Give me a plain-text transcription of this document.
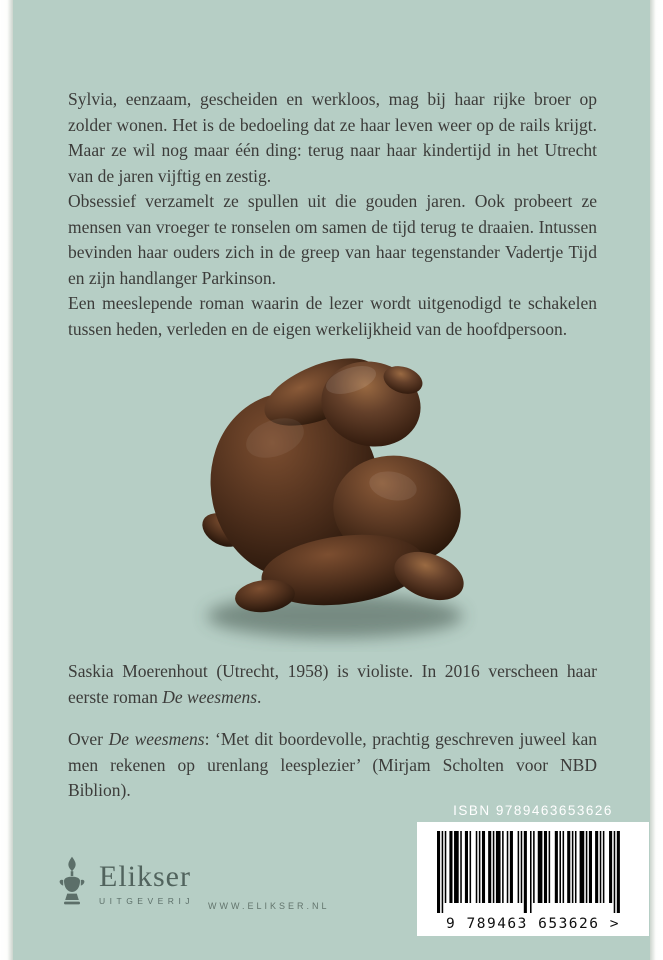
Sylvia, eenzaam, gescheiden en werkloos, mag bij haar rijke broer op zolder wonen. Het is de bedoeling dat ze haar leven weer op de rails krijgt. Maar ze wil nog maar één ding: terug naar haar kindertijd in het Utrecht van de jaren vijftig en zestig.

Obsessief verzamelt ze spullen uit die gouden jaren. Ook probeert ze mensen van vroeger te ronselen om samen de tijd terug te draaien. Intussen bevinden haar ouders zich in de greep van haar tegenstander Vadertje Tijd en zijn handlanger Parkinson.

Een meeslepende roman waarin de lezer wordt uitgenodigd te schakelen tussen heden, verleden en de eigen werkelijkheid van de hoofdpersoon.

Saskia Moerenhout (Utrecht, 1958) is violiste. In 2016 verscheen haar eerste roman De weesmens.
Over De weesmens: ‘Met dit boordevolle, prachtig geschreven juweel kan men rekenen op urenlang leesplezier’ (Mirjam Scholten voor NBD Biblion).
ISBN 9789463653626
9 789463 653626 >
Elikser
UITGEVERIJ WWW.ELIKSER.NL
